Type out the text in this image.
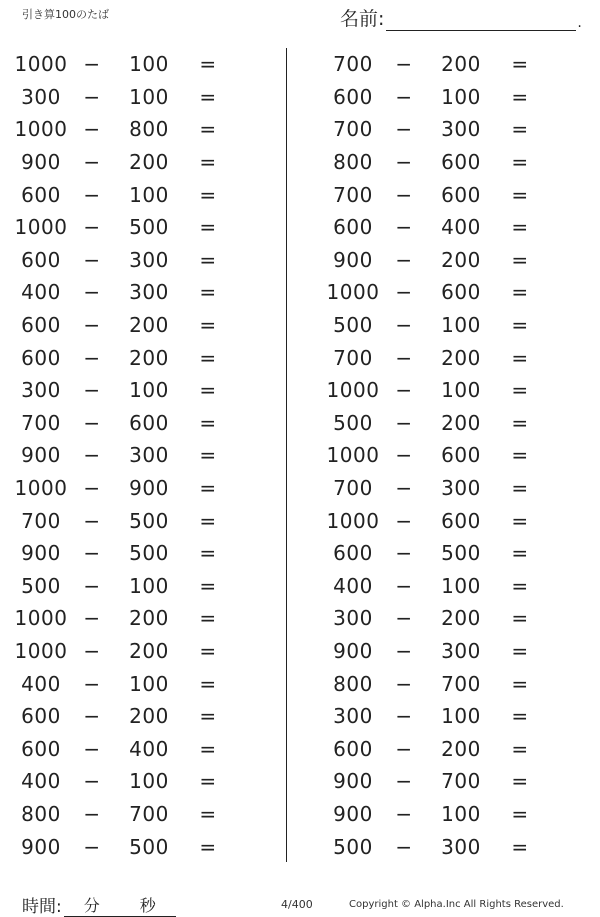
引き算100のたば	名前:	.
1000 −	100	=
300	−	100	=
1000 −	800	=
900	−	200	=
600	−	100	=
1000 −	500	=
600	−	300	=
400	−	300	=
600	−	200	=
600	−	200	=
300	−	100	=
700	−	600	=
900	−	300	=
1000 −	900	=
700	−	500	=
900	−	500	=
500	−	100	=
1000 −	200	=
1000 −	200	=
400	−	100	=
600	−	200	=
600	−	400	=
400	−	100	=
800	−	700	=
900	−	500	=
700	−	200	=
600	−	100	=
700	−	300	=
800	−	600	=
700	−	600	=
600	−	400	=
900	−	200	=
1000 −	600	=
500	−	100	=
700	−	200	=
1000 −	100	=
500	−	200	=
1000 −	600	=
700	−	300	=
1000 −	600	=
600	−	500	=
400	−	100	=
300	−	200	=
900	−	300	=
800	−	700	=
300	−	100	=
600	−	200	=
900	−	700	=
900	−	100	=
500	−	300	=
時間: 分 秒	4/400	Copyright © Alpha.Inc All Rights Reserved.
